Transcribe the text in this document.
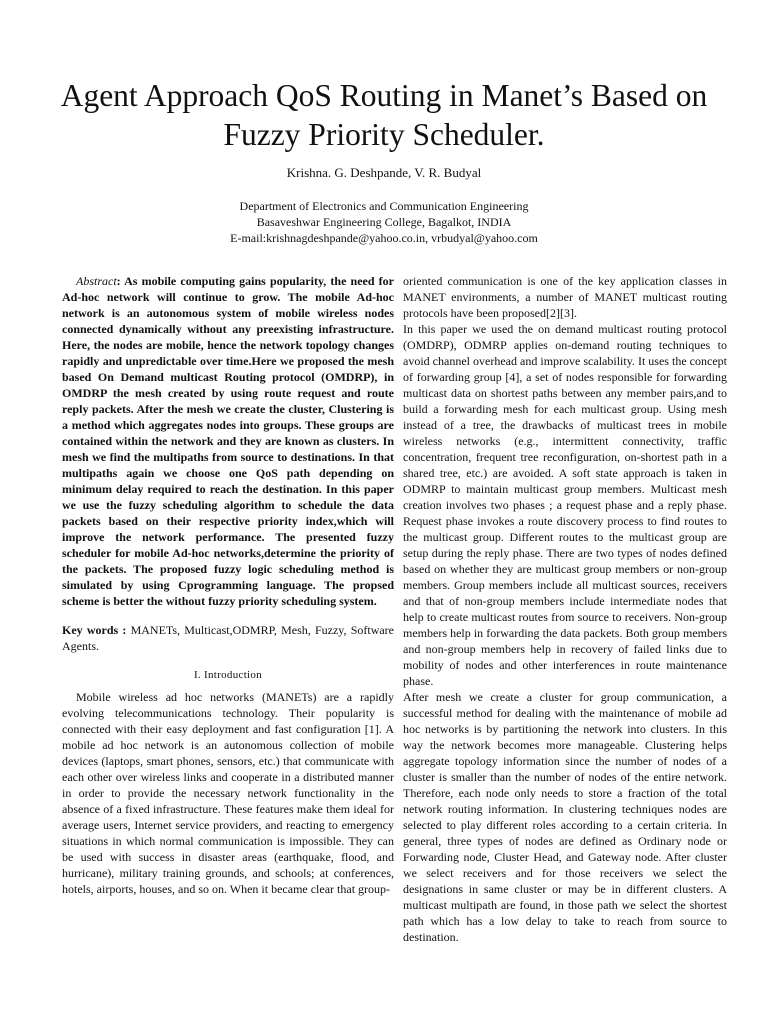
Agent Approach QoS Routing in Manet’s Based on Fuzzy Priority Scheduler.
Krishna. G. Deshpande, V. R. Budyal
Department of Electronics and Communication Engineering
Basaveshwar Engineering College, Bagalkot, INDIA
E-mail:krishnagdeshpande@yahoo.co.in, vrbudyal@yahoo.com

Abstract: As mobile computing gains popularity, the need for Ad-hoc network will continue to grow. The mobile Ad-hoc network is an autonomous system of mobile wireless nodes connected dynamically without any preexisting infrastructure. Here, the nodes are mobile, hence the network topology changes rapidly and unpredictable over time.Here we proposed the mesh based On Demand multicast Routing protocol (OMDRP), in OMDRP the mesh created by using route request and route reply packets. After the mesh we create the cluster, Clustering is a method which aggregates nodes into groups. These groups are contained within the network and they are known as clusters. In mesh we find the multipaths from source to destinations. In that multipaths again we choose one QoS path depending on minimum delay required to reach the destination. In this paper we use the fuzzy scheduling algorithm to schedule the data packets based on their respective priority index,which will improve the network performance. The presented fuzzy scheduler for mobile Ad-hoc networks,determine the priority of the packets. The proposed fuzzy logic scheduling method is simulated by using Cprogramming language. The propsed scheme is better the without fuzzy priority scheduling system.

Key words : MANETs, Multicast,ODMRP, Mesh, Fuzzy, Software Agents.

I. Introduction

Mobile wireless ad hoc networks (MANETs) are a rapidly evolving telecommunications technology. Their popularity is connected with their easy deployment and fast configuration [1]. A mobile ad hoc network is an autonomous collection of mobile devices (laptops, smart phones, sensors, etc.) that communicate with each other over wireless links and cooperate in a distributed manner in order to provide the necessary network functionality in the absence of a fixed infrastructure. These features make them ideal for average users, Internet service providers, and reacting to emergency situations in which normal communication is impossible. They can be used with success in disaster areas (earthquake, flood, and hurricane), military training grounds, and schools; at conferences, hotels, airports, houses, and so on. When it became clear that group-

oriented communication is one of the key application classes in MANET environments, a number of MANET multicast routing protocols have been proposed[2][3].

In this paper we used the on demand multicast routing protocol (OMDRP), ODMRP applies on-demand routing techniques to avoid channel overhead and improve scalability. It uses the concept of forwarding group [4], a set of nodes responsible for forwarding multicast data on shortest paths between any member pairs,and to build a forwarding mesh for each multicast group. Using mesh instead of a tree, the drawbacks of multicast trees in mobile wireless networks (e.g., intermittent connectivity, traffic concentration, frequent tree reconfiguration, on-shortest path in a shared tree, etc.) are avoided. A soft state approach is taken in ODMRP to maintain multicast group members. Multicast mesh creation involves two phases ; a request phase and a reply phase. Request phase invokes a route discovery process to find routes to the multicast group. Different routes to the multicast group are setup during the reply phase. There are two types of nodes defined based on whether they are multicast group members or non-group members. Group members include all multicast sources, receivers and that of non-group members include intermediate nodes that help to create multicast routes from source to receivers. Non-group members help in forwarding the data packets. Both group members and non-group members help in recovery of failed links due to mobility of nodes and other interferences in route maintenance phase.

After mesh we create a cluster for group communication, a successful method for dealing with the maintenance of mobile ad hoc networks is by partitioning the network into clusters. In this way the network becomes more manageable. Clustering helps aggregate topology information since the number of nodes of a cluster is smaller than the number of nodes of the entire network. Therefore, each node only needs to store a fraction of the total network routing information. In clustering techniques nodes are selected to play different roles according to a certain criteria. In general, three types of nodes are defined as Ordinary node or Forwarding node, Cluster Head, and Gateway node. After cluster we select receivers and for those receivers we select the designations in same cluster or may be in different clusters. A multicast multipath are found, in those path we select the shortest path which has a low delay to take to reach from source to destination.
